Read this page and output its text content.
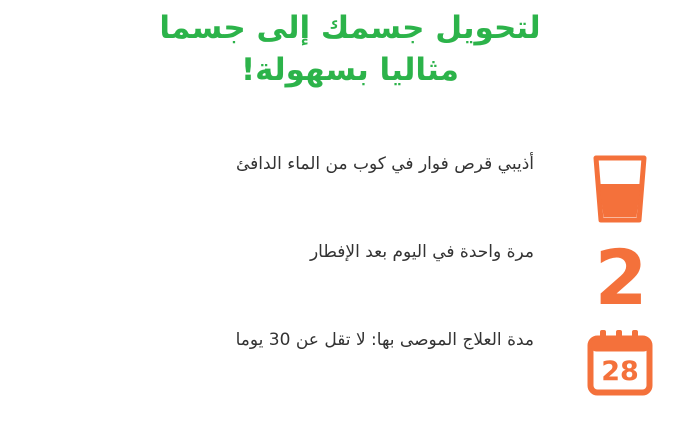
لتحويل جسمك إلى جسما
مثاليا بسهولة!
أذيبي قرص فوار في كوب من الماء الدافئ
2
مرة واحدة في اليوم بعد الإفطار
28
مدة العلاج الموصى بها: لا تقل عن 30 يوما
